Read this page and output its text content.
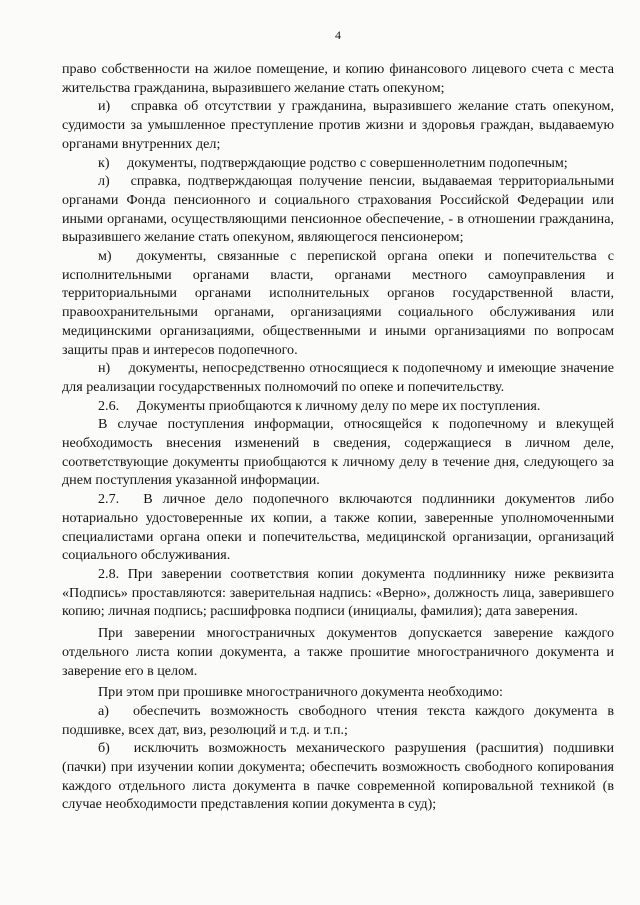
4

право собственности на жилое помещение, и копию финансового лицевого счета с места жительства гражданина, выразившего желание стать опекуном;

и)  справка об отсутствии у гражданина, выразившего желание стать опекуном, судимости за умышленное преступление против жизни и здоровья граждан, выдаваемую органами внутренних дел;

к)  документы, подтверждающие родство с совершеннолетним подопечным;

л)  справка, подтверждающая получение пенсии, выдаваемая территориальными органами Фонда пенсионного и социального страхования Российской Федерации или иными органами, осуществляющими пенсионное обеспечение, - в отношении гражданина, выразившего желание стать опекуном, являющегося пенсионером;

м)  документы, связанные с перепиской органа опеки и попечительства с исполнительными органами власти, органами местного самоуправления и территориальными органами исполнительных органов государственной власти, правоохранительными органами, организациями социального обслуживания или медицинскими организациями, общественными и иными организациями по вопросам защиты прав и интересов подопечного.

н)  документы, непосредственно относящиеся к подопечному и имеющие значение для реализации государственных полномочий по опеке и попечительству.

2.6.  Документы приобщаются к личному делу по мере их поступления.

В случае поступления информации, относящейся к подопечному и влекущей необходимость внесения изменений в сведения, содержащиеся в личном деле, соответствующие документы приобщаются к личному делу в течение дня, следующего за днем поступления указанной информации.

2.7.  В личное дело подопечного включаются подлинники документов либо нотариально удостоверенные их копии, а также копии, заверенные уполномоченными специалистами органа опеки и попечительства, медицинской организации, организаций социального обслуживания.

2.8. При заверении соответствия копии документа подлиннику ниже реквизита «Подпись» проставляются: заверительная надпись: «Верно», должность лица, заверившего копию; личная подпись; расшифровка подписи (инициалы, фамилия); дата заверения.

При заверении многостраничных документов допускается заверение каждого отдельного листа копии документа, а также прошитие многостраничного документа и заверение его в целом.

При этом при прошивке многостраничного документа необходимо:

а)  обеспечить возможность свободного чтения текста каждого документа в подшивке, всех дат, виз, резолюций и т.д. и т.п.;

б)  исключить возможность механического разрушения (расшития) подшивки (пачки) при изучении копии документа; обеспечить возможность свободного копирования каждого отдельного листа документа в пачке современной копировальной техникой (в случае необходимости представления копии документа в суд);
